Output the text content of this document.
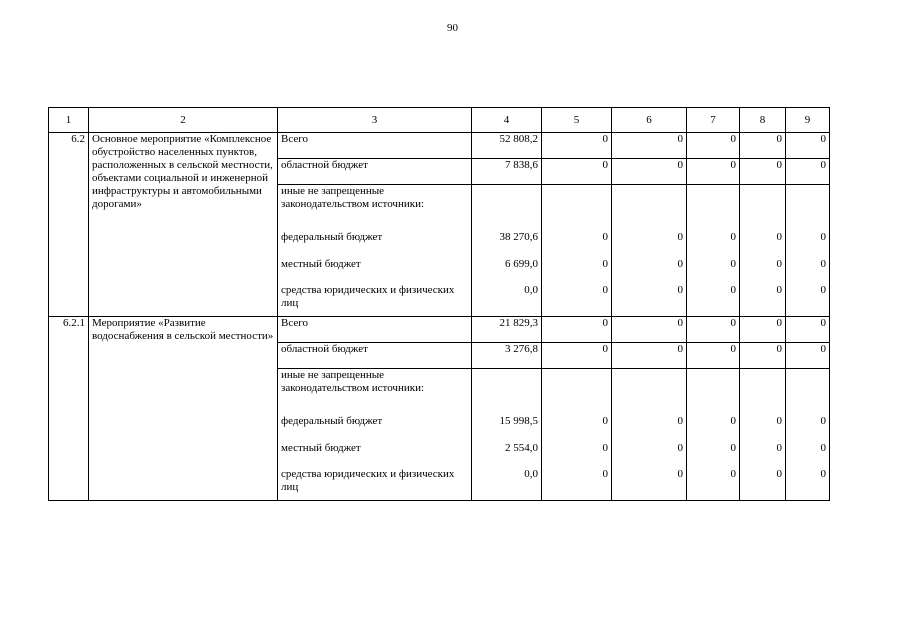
90
1	2	3	4	5	6	7	8	9
6.2	Основное мероприятие «Комплексное обустройство населенных пунктов, расположенных в сельской местности, объектами социальной и инженерной инфраструктуры и автомобильными дорогами»	Всего	52 808,2	0	0	0	0	0
		областной бюджет	7 838,6	0	0	0	0	0
		иные не запрещенные законодательством источники:						
		федеральный бюджет	38 270,6	0	0	0	0	0
		местный бюджет	6 699,0	0	0	0	0	0
		средства юридических и физических лиц	0,0	0	0	0	0	0
6.2.1	Мероприятие «Развитие водоснабжения в сельской местности»	Всего	21 829,3	0	0	0	0	0
		областной бюджет	3 276,8	0	0	0	0	0
		иные не запрещенные законодательством источники:						
		федеральный бюджет	15 998,5	0	0	0	0	0
		местный бюджет	2 554,0	0	0	0	0	0
		средства юридических и физических лиц	0,0	0	0	0	0	0
